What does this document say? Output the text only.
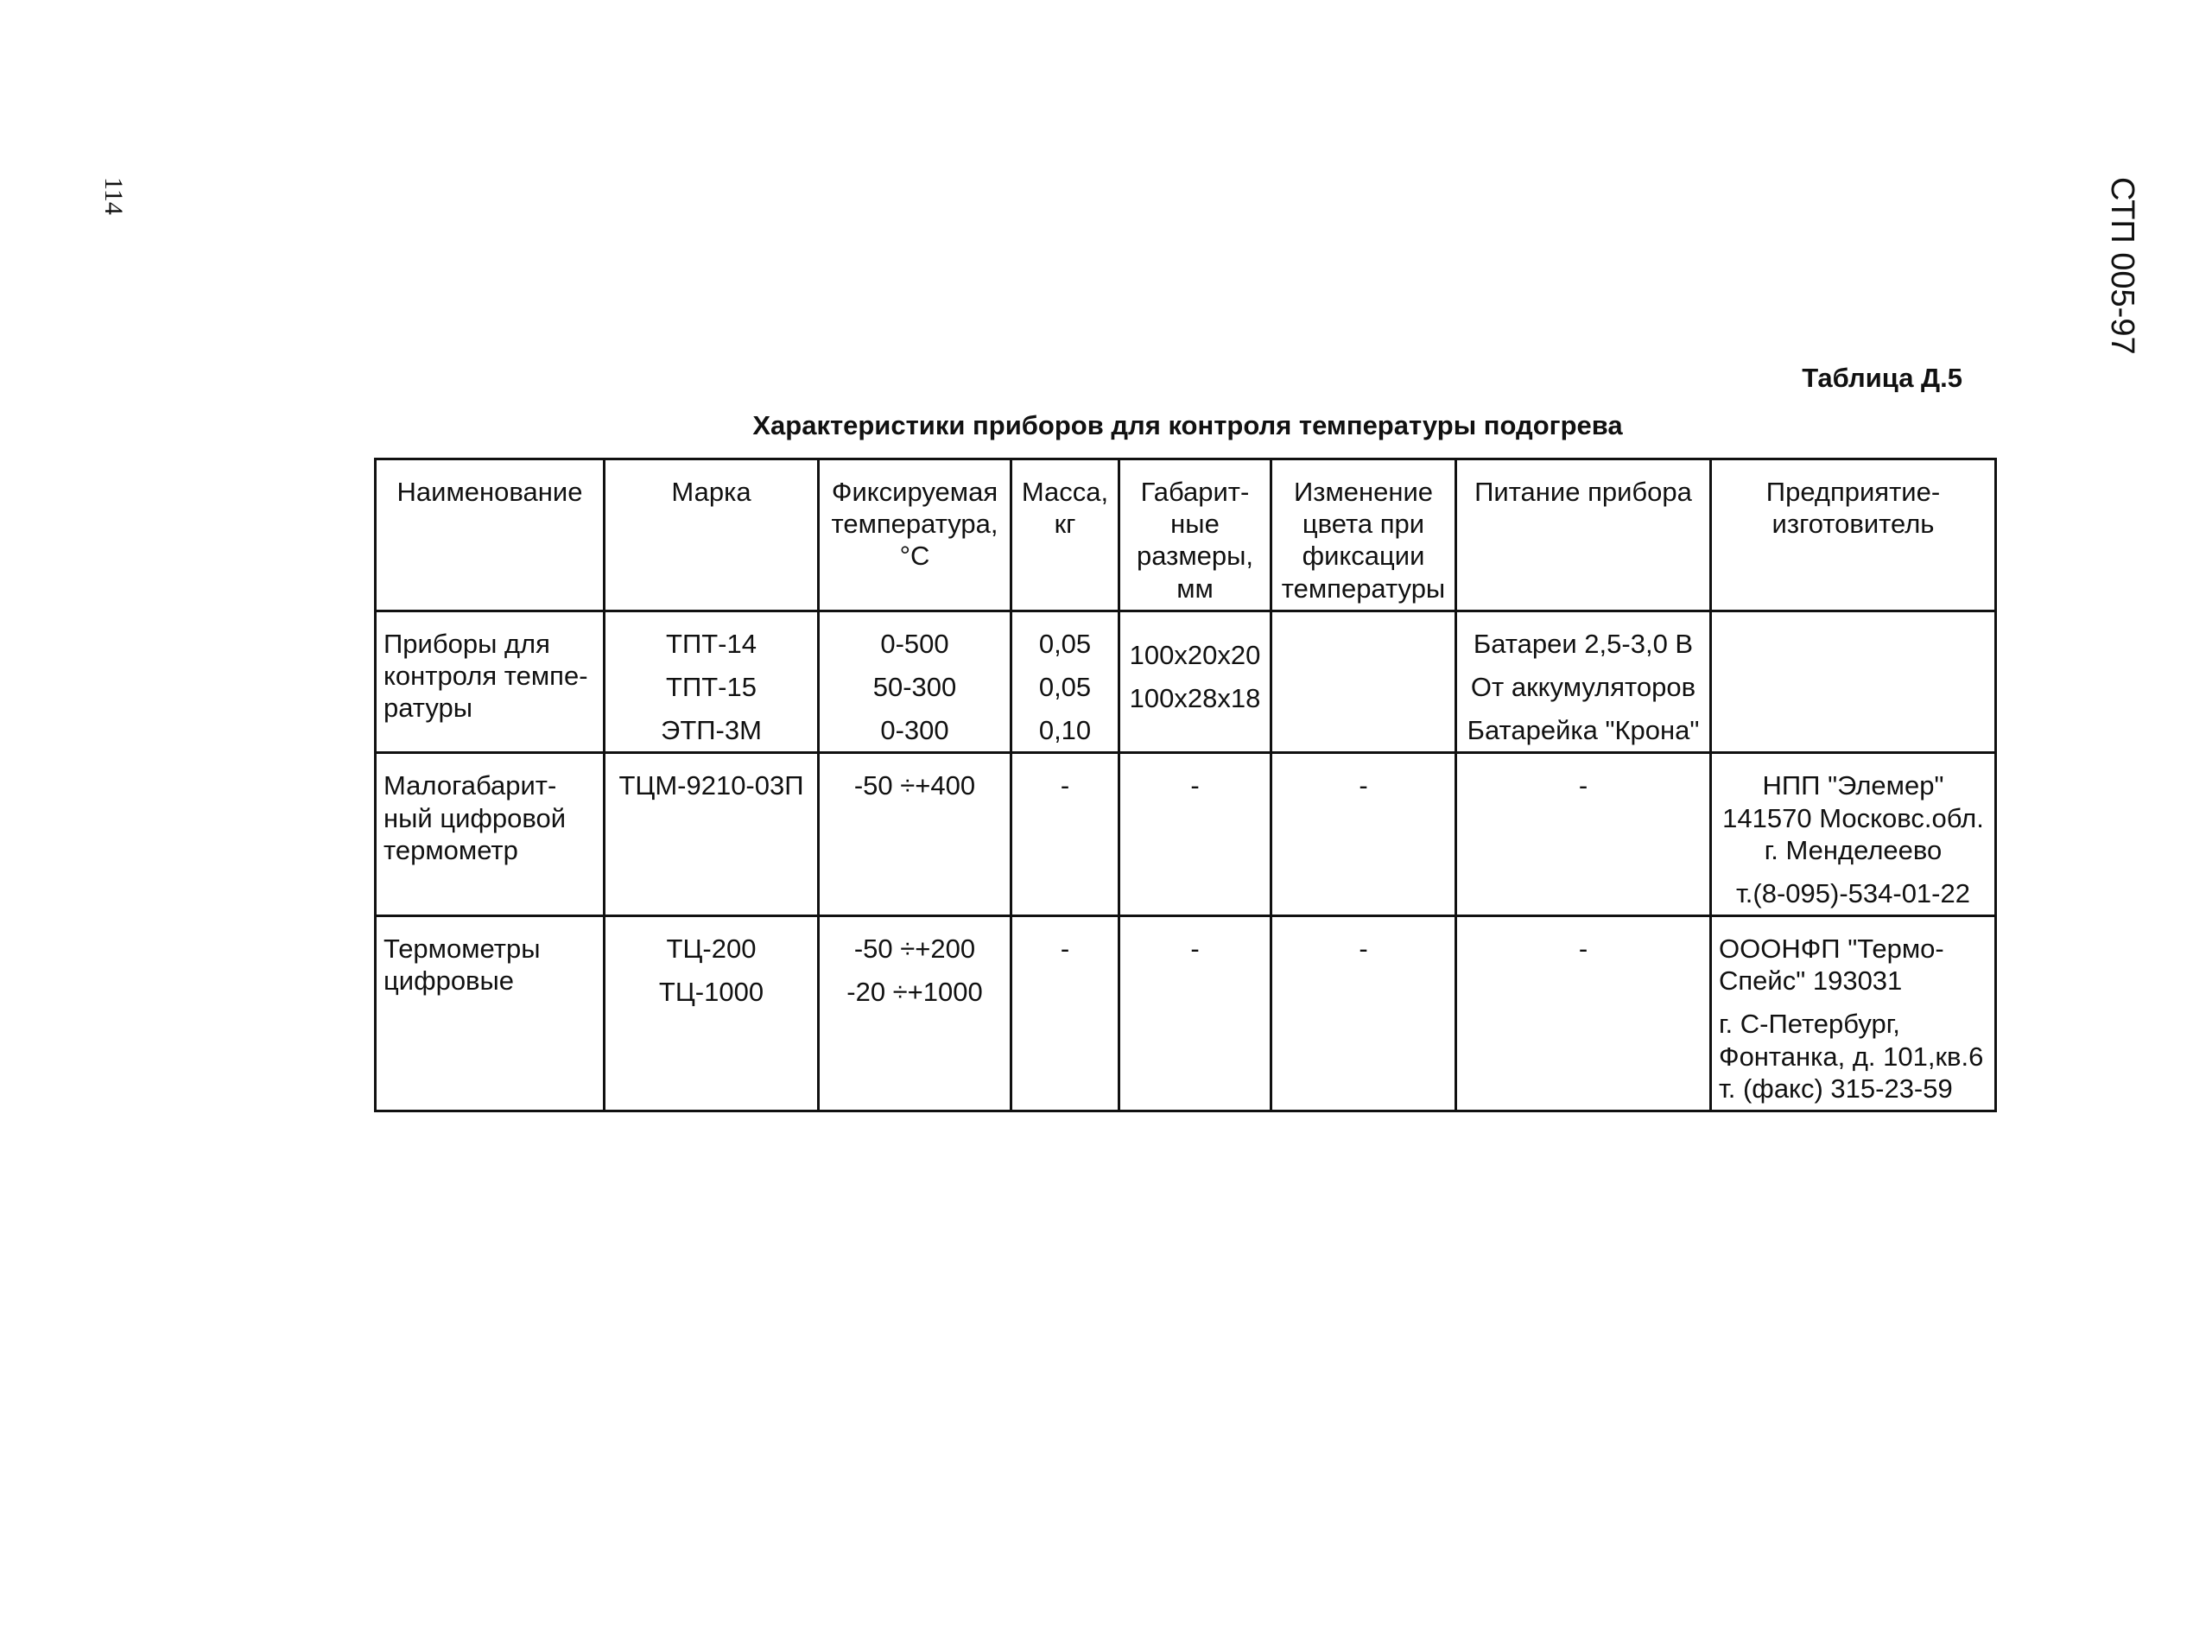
114	СТП 005-97
Таблица Д.5
Характеристики приборов для контроля температуры подогрева
Наименование	Марка	Фиксируемая температура, °С	Масса, кг	Габарит-ные размеры, мм	Изменение цвета при фиксации температуры	Питание прибора	Предприятие-изготовитель
Приборы для контроля темпе-ратуры	ТПТ-14
ТПТ-15
ЭТП-3М	0-500
50-300
0-300	0,05
0,05
0,10	100х20х20
100х28х18		Батареи 2,5-3,0 В
От аккумуляторов
Батарейка "Крона"	

Малогабарит-ный цифровой термометр	ТЦМ-9210-03П	-50 ÷+400	-	-	-	-	НПП "Элемер"
141570 Московс.обл.
г. Менделеево
т.(8-095)-534-01-22

Термометры цифровые	ТЦ-200
ТЦ-1000	-50 ÷+200
-20 ÷+1000	-	-	-	-	ОООНФП "Термо-Спейс" 193031
г. С-Петербург, Фонтанка, д. 101,кв.6
т. (факс) 315-23-59
